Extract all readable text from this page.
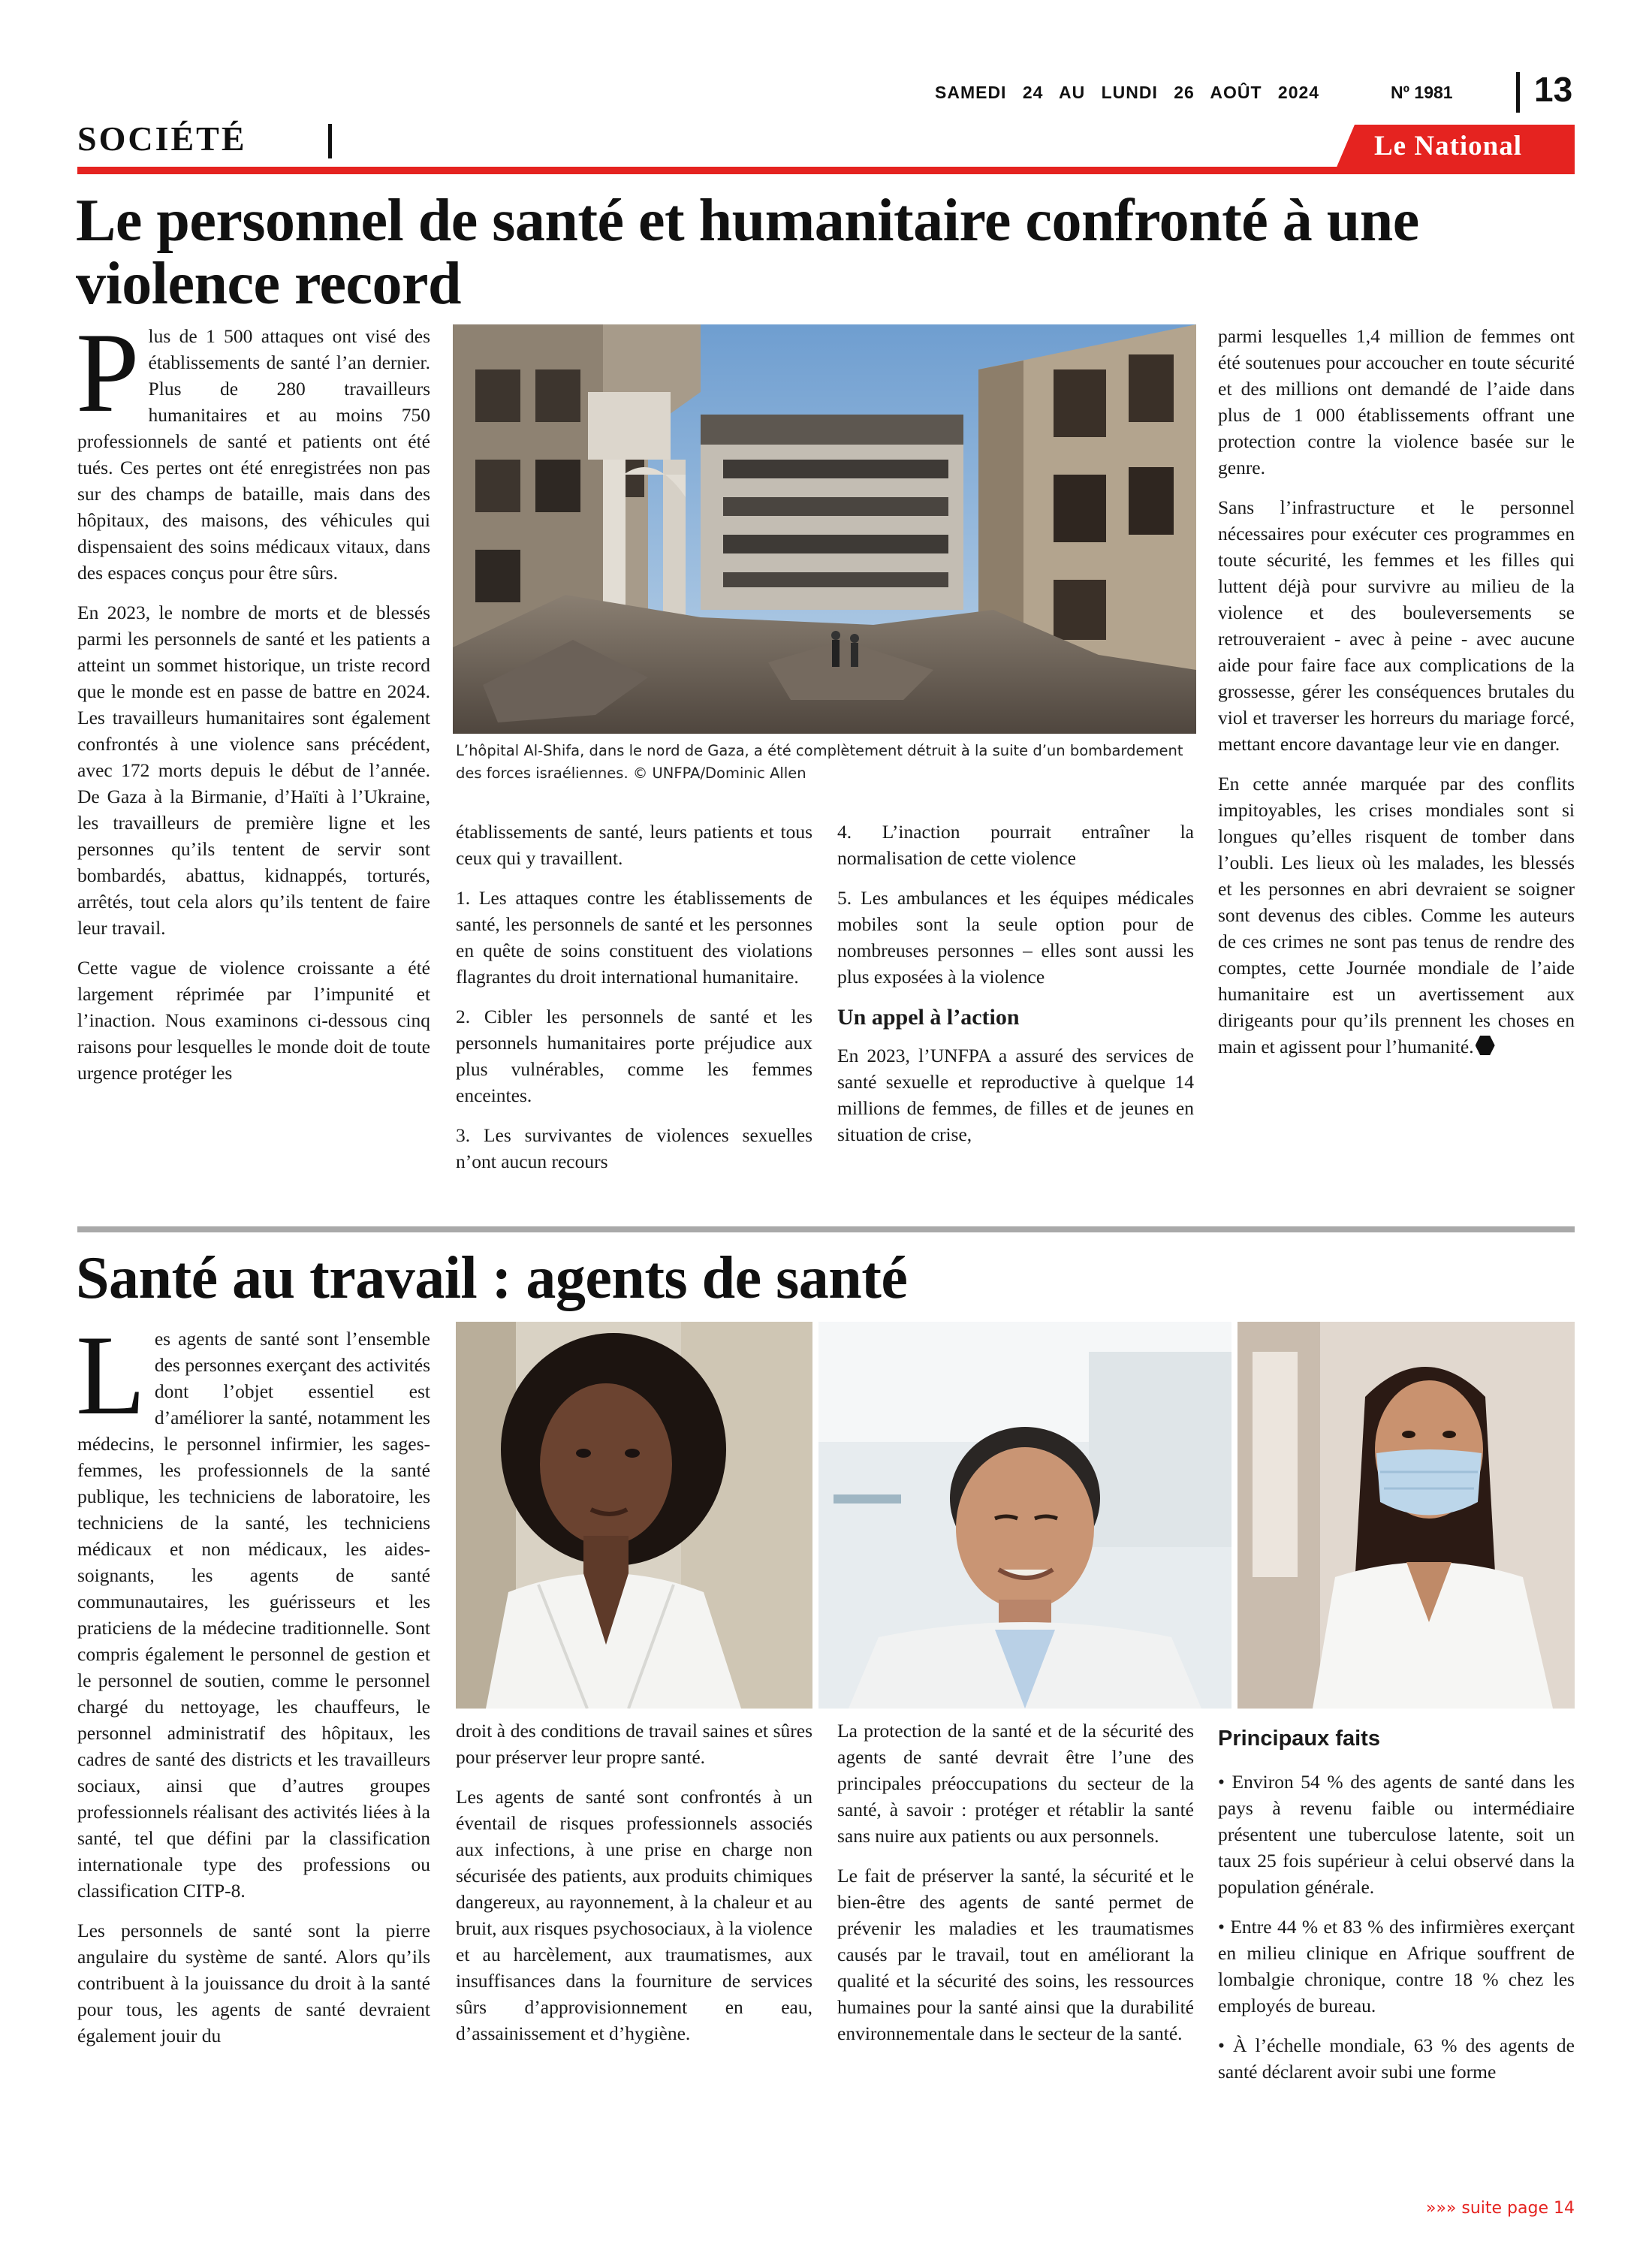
SOCIÉTÉ
SAMEDI 24 AU LUNDI 26 AOÛT 2024	Nº 1981 13
Le National
Le personnel de santé et humanitaire confronté à une violence record

Plus de 1 500 attaques ont visé des établissements de santé l’an dernier. Plus de 280 travailleurs humanitaires et au moins 750 professionnels de santé et patients ont été tués. Ces pertes ont été enregistrées non pas sur des champs de bataille, mais dans des hôpitaux, des maisons, des véhicules qui dispensaient des soins médicaux vitaux, dans des espaces conçus pour être sûrs.

En 2023, le nombre de morts et de blessés parmi les personnels de santé et les patients a atteint un sommet historique, un triste record que le monde est en passe de battre en 2024. Les travailleurs humanitaires sont également confrontés à une violence sans précédent, avec 172 morts depuis le début de l’année. De Gaza à la Birmanie, d’Haïti à l’Ukraine, les travailleurs de première ligne et les personnes qu’ils tentent de servir sont bombardés, abattus, kidnappés, torturés, arrêtés, tout cela alors qu’ils tentent de faire leur travail.

Cette vague de violence croissante a été largement réprimée par l’impunité et l’inaction. Nous examinons ci-dessous cinq raisons pour lesquelles le monde doit de toute urgence protéger les

L’hôpital Al-Shifa, dans le nord de Gaza, a été complètement détruit à la suite d’un bombardement des forces israéliennes. © UNFPA/Dominic Allen

établissements de santé, leurs patients et tous ceux qui y travaillent.

1. Les attaques contre les établissements de santé, les personnels de santé et les personnes en quête de soins constituent des violations flagrantes du droit international humanitaire.

2. Cibler les personnels de santé et les personnels humanitaires porte préjudice aux plus vulnérables, comme les femmes enceintes.

3. Les survivantes de violences sexuelles n’ont aucun recours

4. L’inaction pourrait entraîner la normalisation de cette violence

5. Les ambulances et les équipes médicales mobiles sont la seule option pour de nombreuses personnes – elles sont aussi les plus exposées à la violence

Un appel à l’action

En 2023, l’UNFPA a assuré des services de santé sexuelle et reproductive à quelque 14 millions de femmes, de filles et de jeunes en situation de crise,

parmi lesquelles 1,4 million de femmes ont été soutenues pour accoucher en toute sécurité et des millions ont demandé de l’aide dans plus de 1 000 établissements offrant une protection contre la violence basée sur le genre.

Sans l’infrastructure et le personnel nécessaires pour exécuter ces programmes en toute sécurité, les femmes et les filles qui luttent déjà pour survivre au milieu de la violence et des bouleversements se retrouveraient - avec à peine - avec aucune aide pour faire face aux complications de la grossesse, gérer les conséquences brutales du viol et traverser les horreurs du mariage forcé, mettant encore davantage leur vie en danger.

En cette année marquée par des conflits impitoyables, les crises mondiales sont si longues qu’elles risquent de tomber dans l’oubli. Les lieux où les malades, les blessés et les personnes en abri devraient se soigner sont devenus des cibles. Comme les auteurs de ces crimes ne sont pas tenus de rendre des comptes, cette Journée mondiale de l’aide humanitaire est un avertissement aux dirigeants pour qu’ils prennent les choses en main et agissent pour l’humanité.

Santé au travail : agents de santé

Les agents de santé sont l’ensemble des personnes exerçant des activités dont l’objet essentiel est d’améliorer la santé, notamment les médecins, le personnel infirmier, les sages-femmes, les professionnels de la santé publique, les techniciens de laboratoire, les techniciens de la santé, les techniciens médicaux et non médicaux, les aides-soignants, les agents de santé communautaires, les guérisseurs et les praticiens de la médecine traditionnelle. Sont compris également le personnel de gestion et le personnel de soutien, comme le personnel chargé du nettoyage, les chauffeurs, le personnel administratif des hôpitaux, les cadres de santé des districts et les travailleurs sociaux, ainsi que d’autres groupes professionnels réalisant des activités liées à la santé, tel que défini par la classification internationale type des professions ou classification CITP-8.

Les personnels de santé sont la pierre angulaire du système de santé. Alors qu’ils contribuent à la jouissance du droit à la santé pour tous, les agents de santé devraient également jouir du

droit à des conditions de travail saines et sûres pour préserver leur propre santé.

Les agents de santé sont confrontés à un éventail de risques professionnels associés aux infections, à une prise en charge non sécurisée des patients, aux produits chimiques dangereux, au rayonnement, à la chaleur et au bruit, aux risques psychosociaux, à la violence et au harcèlement, aux traumatismes, aux insuffisances dans la fourniture de services sûrs d’approvisionnement en eau, d’assainissement et d’hygiène.

La protection de la santé et de la sécurité des agents de santé devrait être l’une des principales préoccupations du secteur de la santé, à savoir : protéger et rétablir la santé sans nuire aux patients ou aux personnels.

Le fait de préserver la santé, la sécurité et le bien-être des agents de santé permet de prévenir les maladies et les traumatismes causés par le travail, tout en améliorant la qualité et la sécurité des soins, les ressources humaines pour la santé ainsi que la durabilité environnementale dans le secteur de la santé.

Principaux faits

• Environ 54 % des agents de santé dans les pays à revenu faible ou intermédiaire présentent une tuberculose latente, soit un taux 25 fois supérieur à celui observé dans la population générale.

• Entre 44 % et 83 % des infirmières exerçant en milieu clinique en Afrique souffrent de lombalgie chronique, contre 18 % chez les employés de bureau.

• À l’échelle mondiale, 63 % des agents de santé déclarent avoir subi une forme

»»» suite page 14
